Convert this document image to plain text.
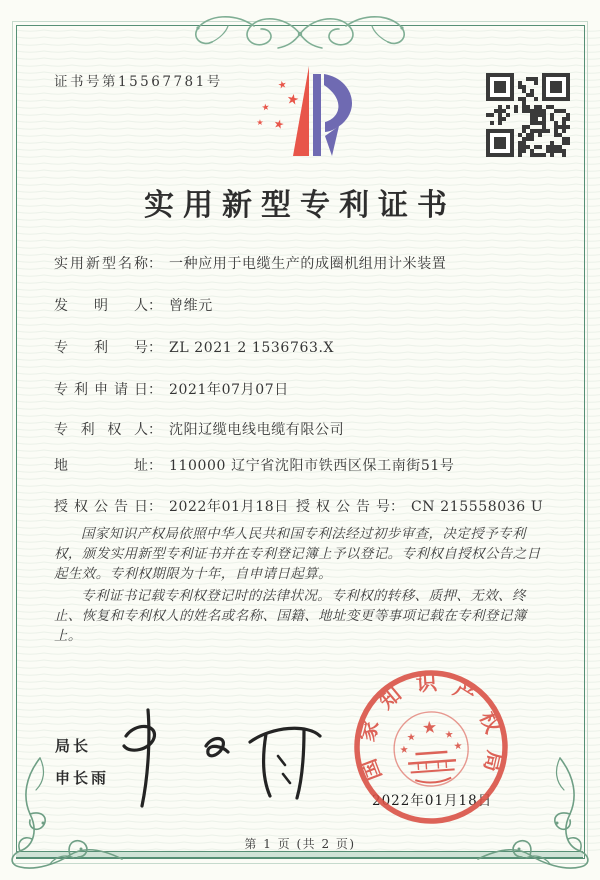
证书号第15567781号	★
★
★
★ ★
实用新型专利证书
实用新型名称： 一种应用于电缆生产的成圈机组用计米装置
发明人： 曾维元
专利号： ZL 2021 2 1536763.X
专利申请日： 2021年07月07日
专利权人： 沈阳辽缆电线电缆有限公司
地址： 110000 辽宁省沈阳市铁西区保工南街51号
授权公告日： 2022年01月18日 授权公告号： CN 215558036 U

国家知识产权局依照中华人民共和国专利法经过初步审查，决定授予专利权，颁发实用新型专利证书并在专利登记簿上予以登记。专利权自授权公告之日起生效。专利权期限为十年，自申请日起算。

专利证书记载专利权登记时的法律状况。专利权的转移、质押、无效、终止、恢复和专利权人的姓名或名称、国籍、地址变更等事项记载在专利登记簿上。

局长
申长雨	国
家
知 识 产
权
局
★
★
★
★
★
2022年01月18日
第 1 页 (共 2 页)
